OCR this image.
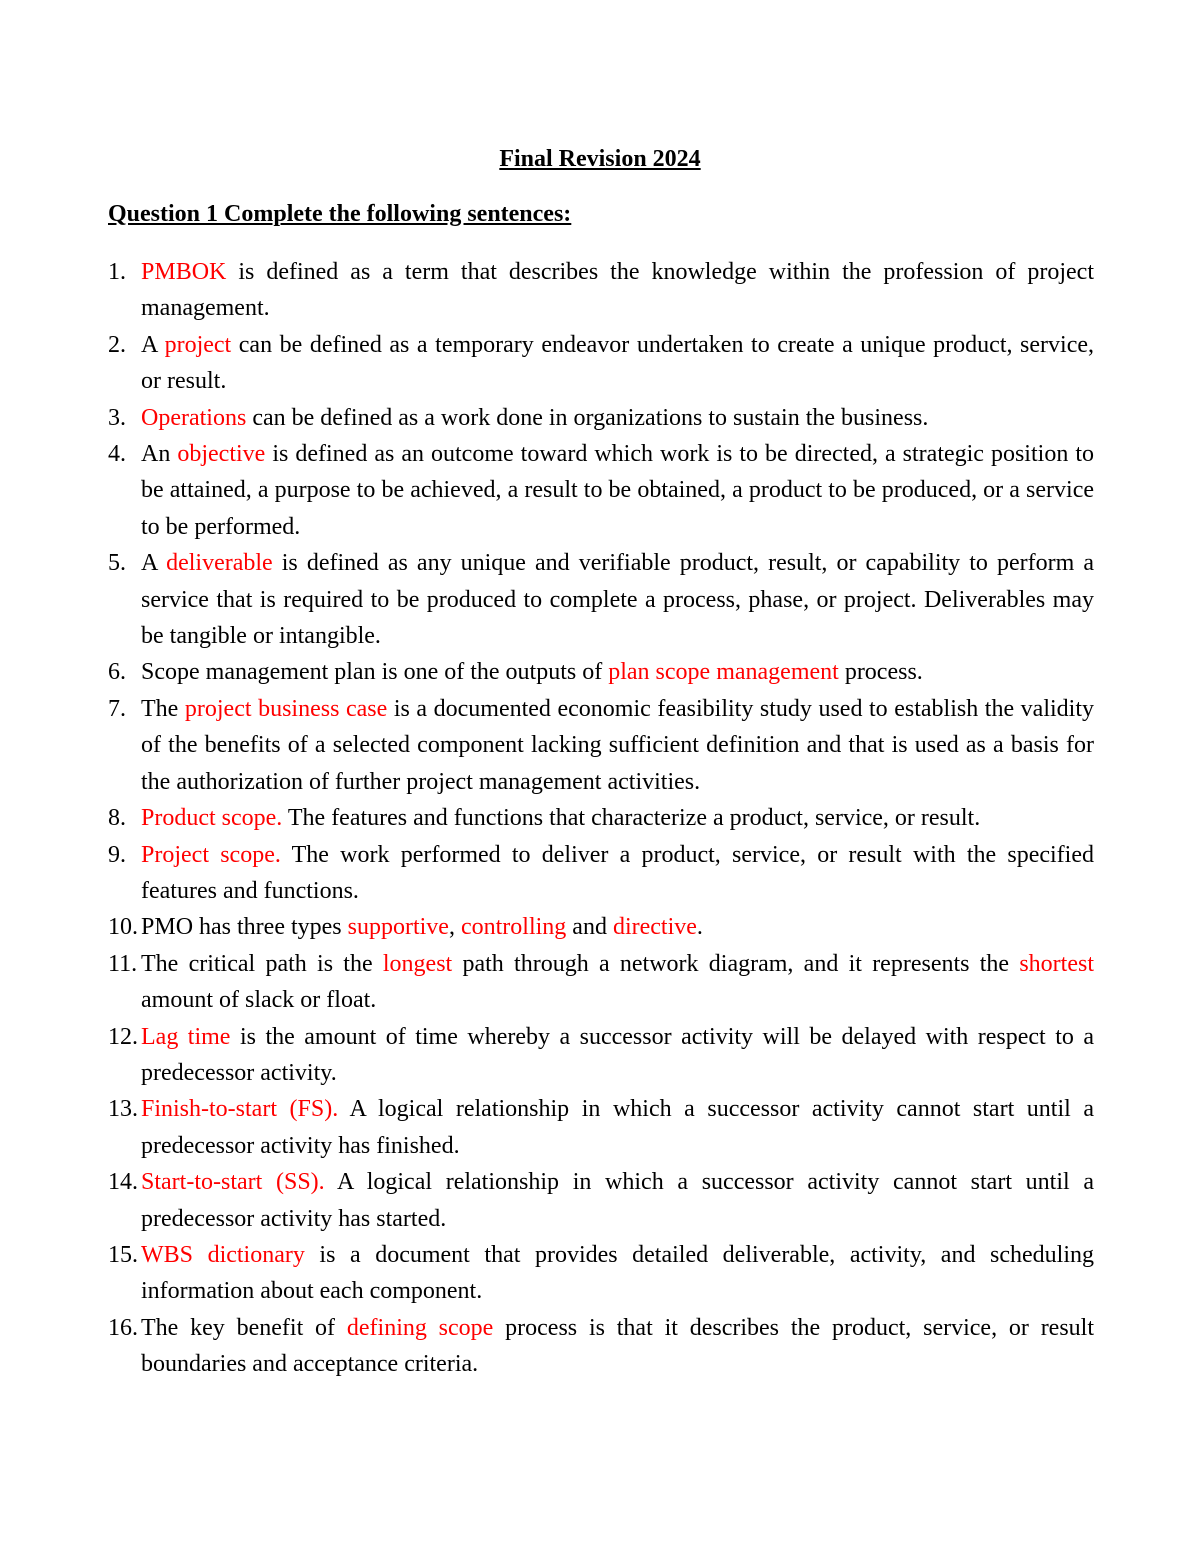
Final Revision 2024
Question 1 Complete the following sentences:
1. PMBOK is defined as a term that describes the knowledge within the profession of project management.
2. A project can be defined as a temporary endeavor undertaken to create a unique product, service, or result.
3. Operations can be defined as a work done in organizations to sustain the business.
4. An objective is defined as an outcome toward which work is to be directed, a strategic position to be attained, a purpose to be achieved, a result to be obtained, a product to be produced, or a service to be performed.
5. A deliverable is defined as any unique and verifiable product, result, or capability to perform a service that is required to be produced to complete a process, phase, or project. Deliverables may be tangible or intangible.
6. Scope management plan is one of the outputs of plan scope management process.
7. The project business case is a documented economic feasibility study used to establish the validity of the benefits of a selected component lacking sufficient definition and that is used as a basis for the authorization of further project management activities.
8. Product scope. The features and functions that characterize a product, service, or result.
9. Project scope. The work performed to deliver a product, service, or result with the specified features and functions.
10. PMO has three types supportive, controlling and directive.
11. The critical path is the longest path through a network diagram, and it represents the shortest amount of slack or float.
12. Lag time is the amount of time whereby a successor activity will be delayed with respect to a predecessor activity.
13. Finish-to-start (FS). A logical relationship in which a successor activity cannot start until a predecessor activity has finished.
14. Start-to-start (SS). A logical relationship in which a successor activity cannot start until a predecessor activity has started.
15. WBS dictionary is a document that provides detailed deliverable, activity, and scheduling information about each component.
16. The key benefit of defining scope process is that it describes the product, service, or result boundaries and acceptance criteria.
